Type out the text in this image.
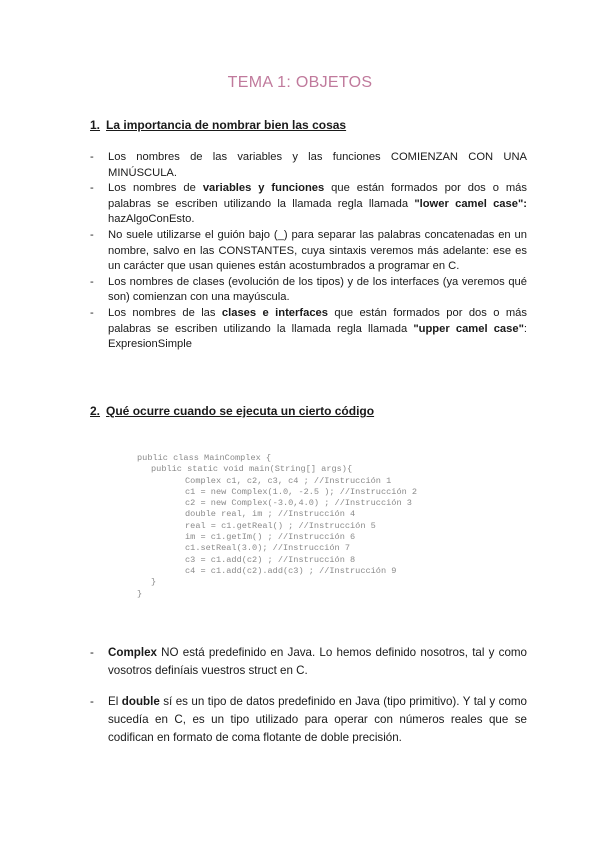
TEMA 1: OBJETOS
1. La importancia de nombrar bien las cosas
- Los nombres de las variables y las funciones COMIENZAN CON UNA MINÚSCULA.
- Los nombres de variables y funciones que están formados por dos o más palabras se escriben utilizando la llamada regla llamada "lower camel case": hazAlgoConEsto.
- No suele utilizarse el guión bajo (_) para separar las palabras concatenadas en un nombre, salvo en las CONSTANTES, cuya sintaxis veremos más adelante: ese es un carácter que usan quienes están acostumbrados a programar en C.
- Los nombres de clases (evolución de los tipos) y de los interfaces (ya veremos qué son) comienzan con una mayúscula.
- Los nombres de las clases e interfaces que están formados por dos o más palabras se escriben utilizando la llamada regla llamada "upper camel case": ExpresionSimple
2. Qué ocurre cuando se ejecuta un cierto código
public class MainComplex {
public static void main(String[] args){
Complex c1, c2, c3, c4 ; //Instrucción 1
c1 = new Complex(1.0, -2.5 ); //Instrucción 2
c2 = new Complex(-3.0,4.0) ; //Instrucción 3
double real, im ; //Instrucción 4
real = c1.getReal() ; //Instrucción 5
im = c1.getIm() ; //Instrucción 6
c1.setReal(3.0); //Instrucción 7
c3 = c1.add(c2) ; //Instrucción 8
c4 = c1.add(c2).add(c3) ; //Instrucción 9
}
}
- Complex NO está predefinido en Java. Lo hemos definido nosotros, tal y como vosotros definíais vuestros struct en C.
- El double sí es un tipo de datos predefinido en Java (tipo primitivo). Y tal y como sucedía en C, es un tipo utilizado para operar con números reales que se codifican en formato de coma flotante de doble precisión.
